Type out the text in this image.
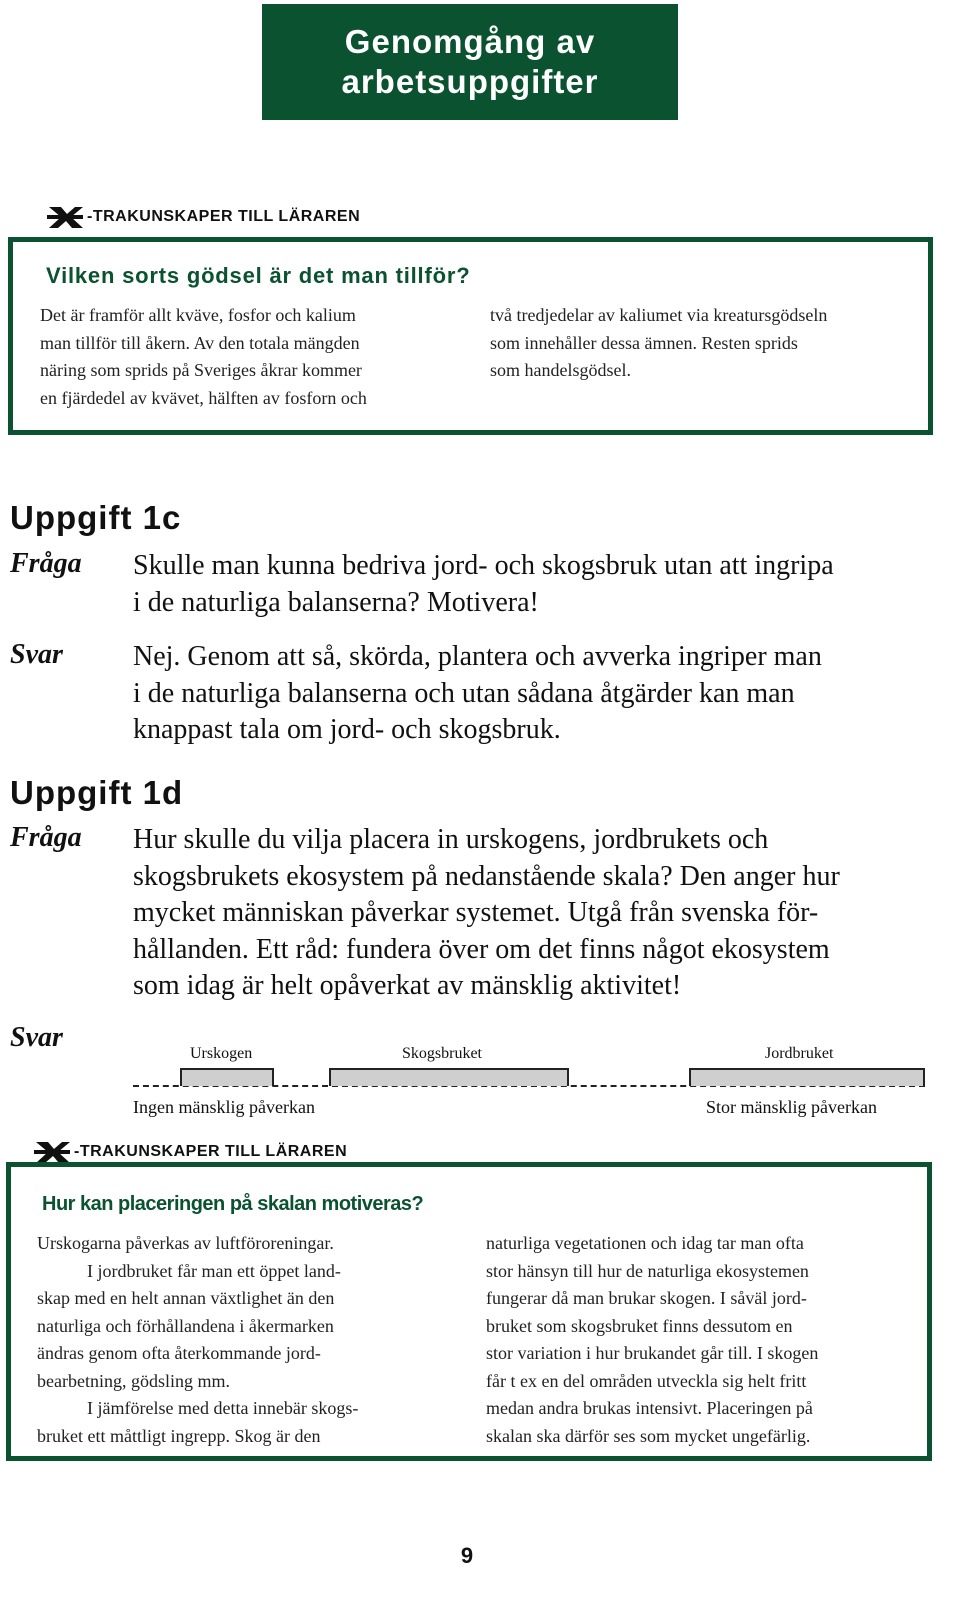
Genomgång av
arbetsuppgifter
-TRAKUNSKAPER TILL LÄRAREN
Vilken sorts gödsel är det man tillför?
Det är framför allt kväve, fosfor och kalium
man tillför till åkern. Av den totala mängden
näring som sprids på Sveriges åkrar kommer
en fjärdedel av kvävet, hälften av fosforn och
två tredjedelar av kaliumet via kreatursgödseln
som innehåller dessa ämnen. Resten sprids
som handelsgödsel.
Uppgift 1c
Fråga Skulle man kunna bedriva jord- och skogsbruk utan att ingripa
i de naturliga balanserna? Motivera!
Svar	Nej. Genom att så, skörda, plantera och avverka ingriper man
i de naturliga balanserna och utan sådana åtgärder kan man
knappast tala om jord- och skogsbruk.
Uppgift 1d
Fråga Hur skulle du vilja placera in urskogens, jordbrukets och
skogsbrukets ekosystem på nedanstående skala? Den anger hur
mycket människan påverkar systemet. Utgå från svenska för-
hållanden. Ett råd: fundera över om det finns något ekosystem
som idag är helt opåverkat av mänsklig aktivitet!
Svar
Urskogen	Skogsbruket	Jordbruket
Ingen mänsklig påverkan	Stor mänsklig påverkan
-TRAKUNSKAPER TILL LÄRAREN
Hur kan placeringen på skalan motiveras?
Urskogarna påverkas av luftföroreningar.
I jordbruket får man ett öppet land-
skap med en helt annan växtlighet än den
naturliga och förhållandena i åkermarken
ändras genom ofta återkommande jord-
bearbetning, gödsling mm.
I jämförelse med detta innebär skogs-
bruket ett måttligt ingrepp. Skog är den
naturliga vegetationen och idag tar man ofta
stor hänsyn till hur de naturliga ekosystemen
fungerar då man brukar skogen. I såväl jord-
bruket som skogsbruket finns dessutom en
stor variation i hur brukandet går till. I skogen
får t ex en del områden utveckla sig helt fritt
medan andra brukas intensivt. Placeringen på
skalan ska därför ses som mycket ungefärlig.
9
